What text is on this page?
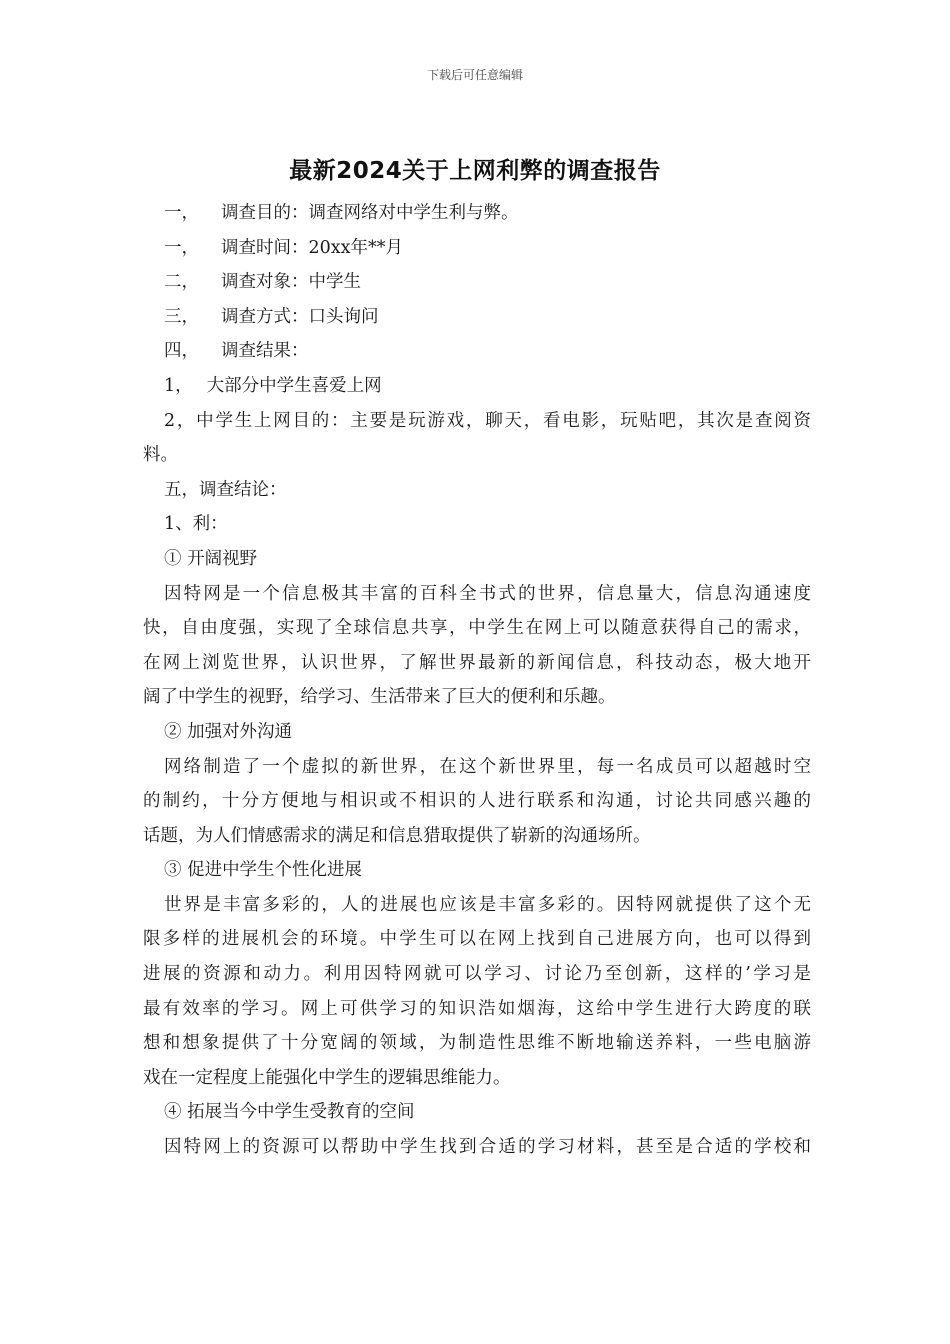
下载后可任意编辑
最新2024关于上网利弊的调查报告
一， 调查目的：调查网络对中学生利与弊。
一， 调查时间：20xx年**月
二， 调查对象：中学生
三， 调查方式：口头询问
四， 调查结果：
1， 大部分中学生喜爱上网
2，中学生上网目的：主要是玩游戏，聊天，看电影，玩贴吧，其次是查阅资
料。
五，调查结论：
1、利：
① 开阔视野
因特网是一个信息极其丰富的百科全书式的世界，信息量大，信息沟通速度
快，自由度强，实现了全球信息共享，中学生在网上可以随意获得自己的需求，
在网上浏览世界，认识世界，了解世界最新的新闻信息，科技动态，极大地开
阔了中学生的视野，给学习、生活带来了巨大的便利和乐趣。
② 加强对外沟通
网络制造了一个虚拟的新世界，在这个新世界里，每一名成员可以超越时空
的制约，十分方便地与相识或不相识的人进行联系和沟通，讨论共同感兴趣的
话题，为人们情感需求的满足和信息猎取提供了崭新的沟通场所。
③ 促进中学生个性化进展
世界是丰富多彩的，人的进展也应该是丰富多彩的。因特网就提供了这个无
限多样的进展机会的环境。中学生可以在网上找到自己进展方向，也可以得到
进展的资源和动力。利用因特网就可以学习、讨论乃至创新，这样的’学习是
最有效率的学习。网上可供学习的知识浩如烟海，这给中学生进行大跨度的联
想和想象提供了十分宽阔的领域，为制造性思维不断地输送养料，一些电脑游
戏在一定程度上能强化中学生的逻辑思维能力。
④ 拓展当今中学生受教育的空间
因特网上的资源可以帮助中学生找到合适的学习材料，甚至是合适的学校和
